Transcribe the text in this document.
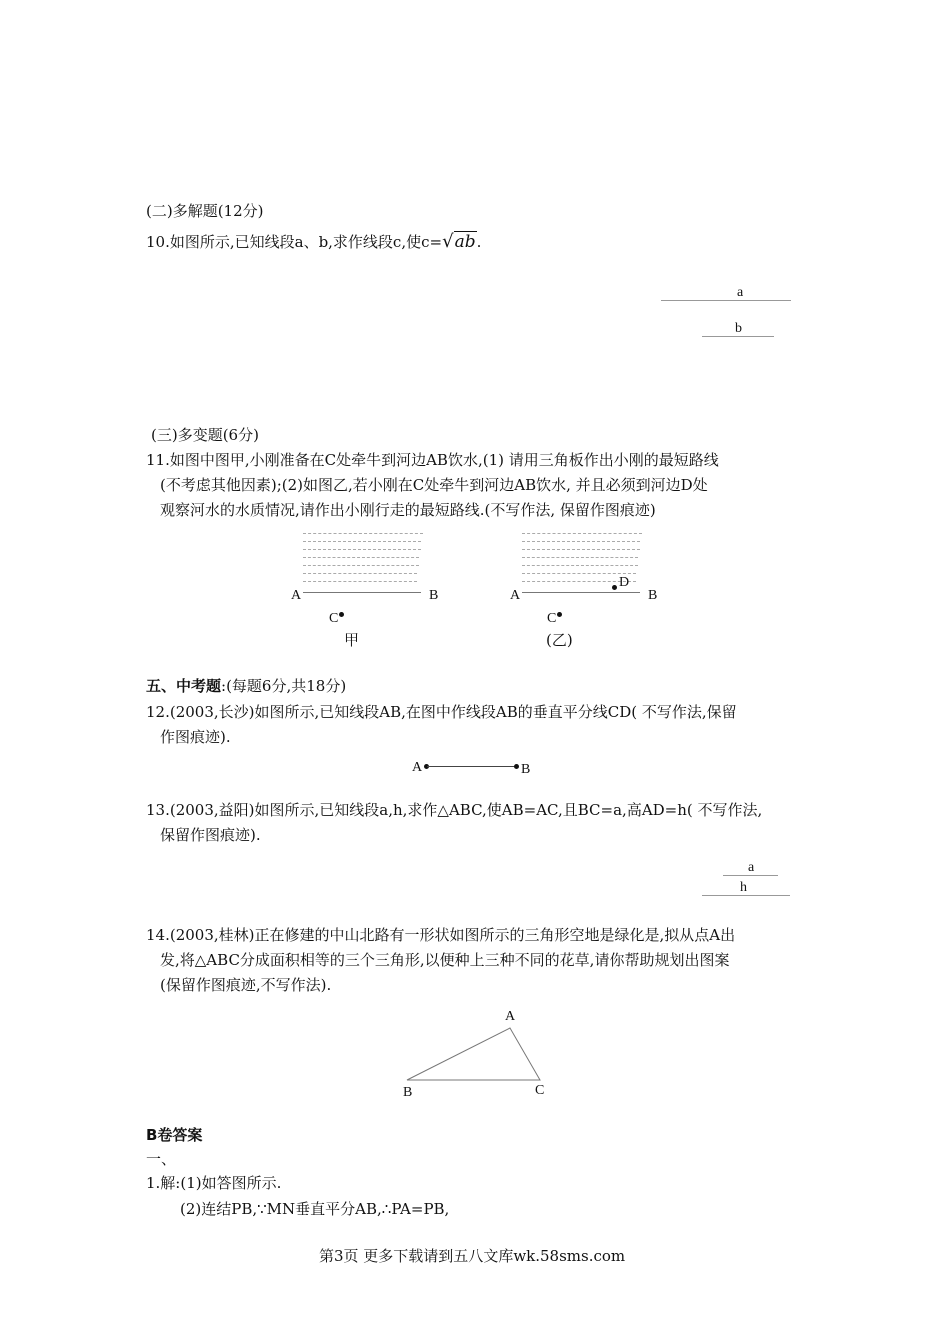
(二)多解题(12分)
10.如图所示,已知线段a、b,求作线段c,使c=√ab.
a
b
(三)多变题(6分)
11.如图中图甲,小刚准备在C处牵牛到河边AB饮水,(1) 请用三角板作出小刚的最短路线
(不考虑其他因素);(2)如图乙,若小刚在C处牵牛到河边AB饮水, 并且必须到河边D处
观察河水的水质情况,请作出小刚行走的最短路线.(不写作法, 保留作图痕迹)
A	B
C
甲
A	B
D
C
(乙)
五、中考题:(每题6分,共18分)
12.(2003,长沙)如图所示,已知线段AB,在图中作线段AB的垂直平分线CD( 不写作法,保留
作图痕迹).
A	B
13.(2003,益阳)如图所示,已知线段a,h,求作△ABC,使AB=AC,且BC=a,高AD=h( 不写作法,
保留作图痕迹).
a
h
14.(2003,桂林)正在修建的中山北路有一形状如图所示的三角形空地是绿化是,拟从点A出
发,将△ABC分成面积相等的三个三角形,以便种上三种不同的花草,请你帮助规划出图案
(保留作图痕迹,不写作法).
A
B	C
B卷答案
一、
1.解:(1)如答图所示.
(2)连结PB,∵MN垂直平分AB,∴PA=PB,
第3页 更多下载请到五八文库wk.58sms.com
